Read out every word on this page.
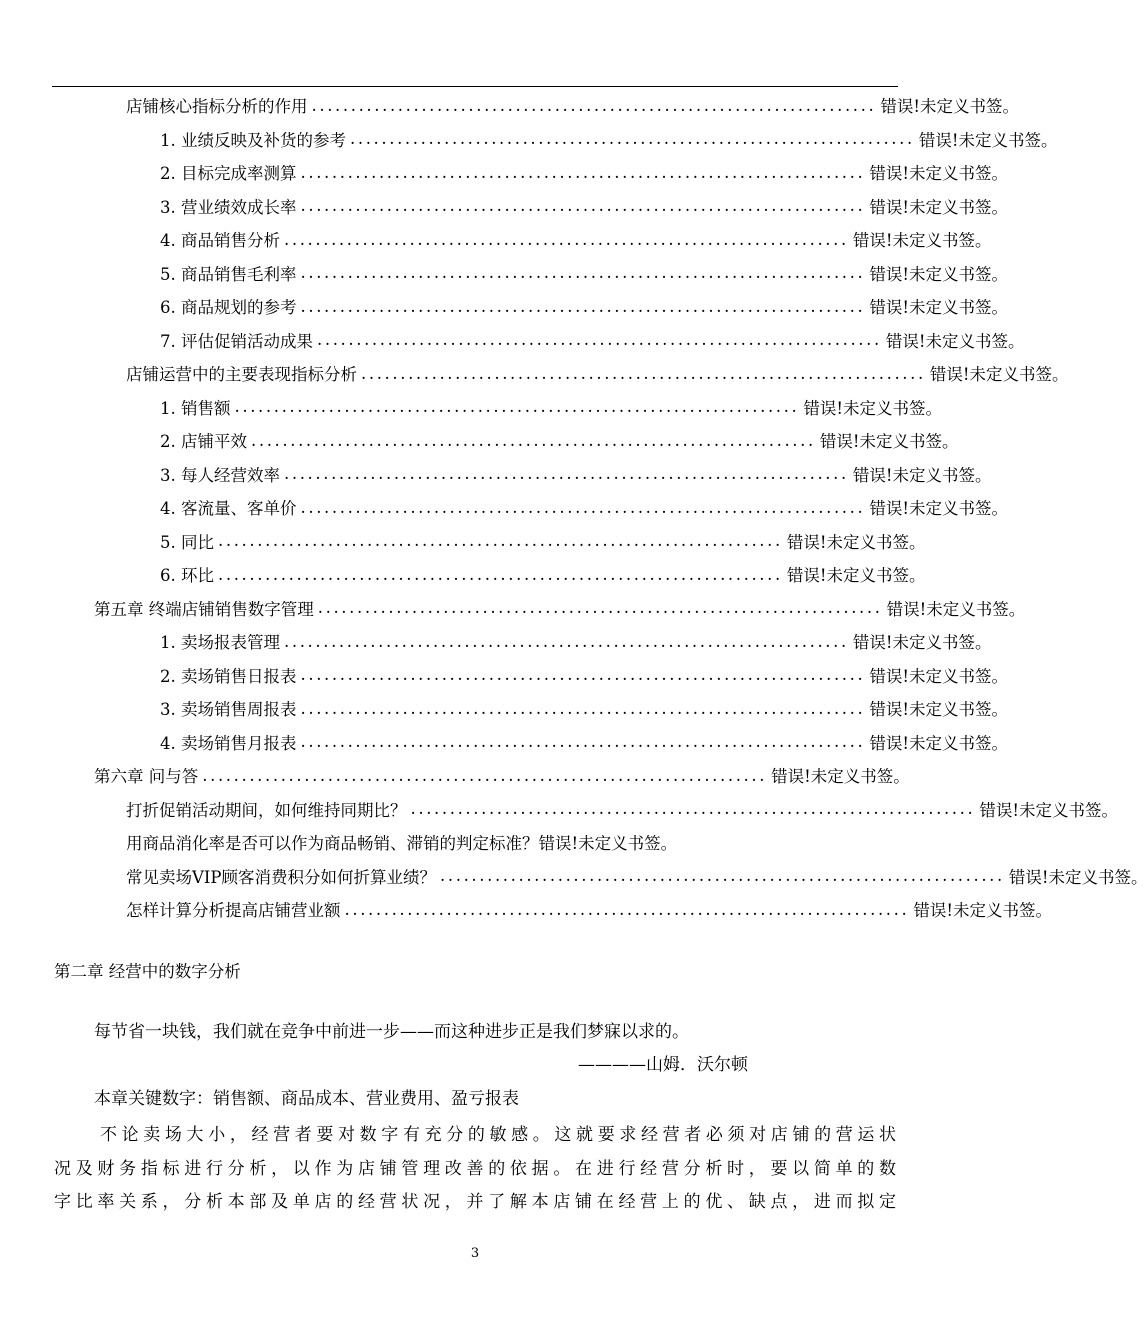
店铺核心指标分析的作用 ........................................................................ 错误!未定义书签。
1. 业绩反映及补货的参考 ........................................................................ 错误!未定义书签。
2. 目标完成率测算 ........................................................................ 错误!未定义书签。
3. 营业绩效成长率 ........................................................................ 错误!未定义书签。
4. 商品销售分析 ........................................................................ 错误!未定义书签。
5. 商品销售毛利率 ........................................................................ 错误!未定义书签。
6. 商品规划的参考 ........................................................................ 错误!未定义书签。
7. 评估促销活动成果 ........................................................................ 错误!未定义书签。
店铺运营中的主要表现指标分析 ........................................................................ 错误!未定义书签。
1. 销售额 ........................................................................ 错误!未定义书签。
2. 店铺平效 ........................................................................ 错误!未定义书签。
3. 每人经营效率 ........................................................................ 错误!未定义书签。
4. 客流量、客单价 ........................................................................ 错误!未定义书签。
5. 同比 ........................................................................ 错误!未定义书签。
6. 环比 ........................................................................ 错误!未定义书签。
第五章 终端店铺销售数字管理 ........................................................................ 错误!未定义书签。
1. 卖场报表管理 ........................................................................ 错误!未定义书签。
2. 卖场销售日报表 ........................................................................ 错误!未定义书签。
3. 卖场销售周报表 ........................................................................ 错误!未定义书签。
4. 卖场销售月报表 ........................................................................ 错误!未定义书签。
第六章 问与答 ........................................................................ 错误!未定义书签。
打折促销活动期间，如何维持同期比？ ........................................................................ 错误!未定义书签。
用商品消化率是否可以作为商品畅销、滞销的判定标准？ 错误!未定义书签。
常见卖场VIP顾客消费积分如何折算业绩？ ........................................................................ 错误!未定义书签。
怎样计算分析提高店铺营业额 ........................................................................ 错误!未定义书签。
第二章 经营中的数字分析
每节省一块钱，我们就在竞争中前进一步——而这种进步正是我们梦寐以求的。
————山姆．沃尔顿
本章关键数字：销售额、商品成本、营业费用、盈亏报表
不论卖场大小，经营者要对数字有充分的敏感。这就要求经营者必须对店铺的营运状
况及财务指标进行分析，以作为店铺管理改善的依据。在进行经营分析时，要以简单的数
字比率关系，分析本部及单店的经营状况，并了解本店铺在经营上的优、缺点，进而拟定
3
